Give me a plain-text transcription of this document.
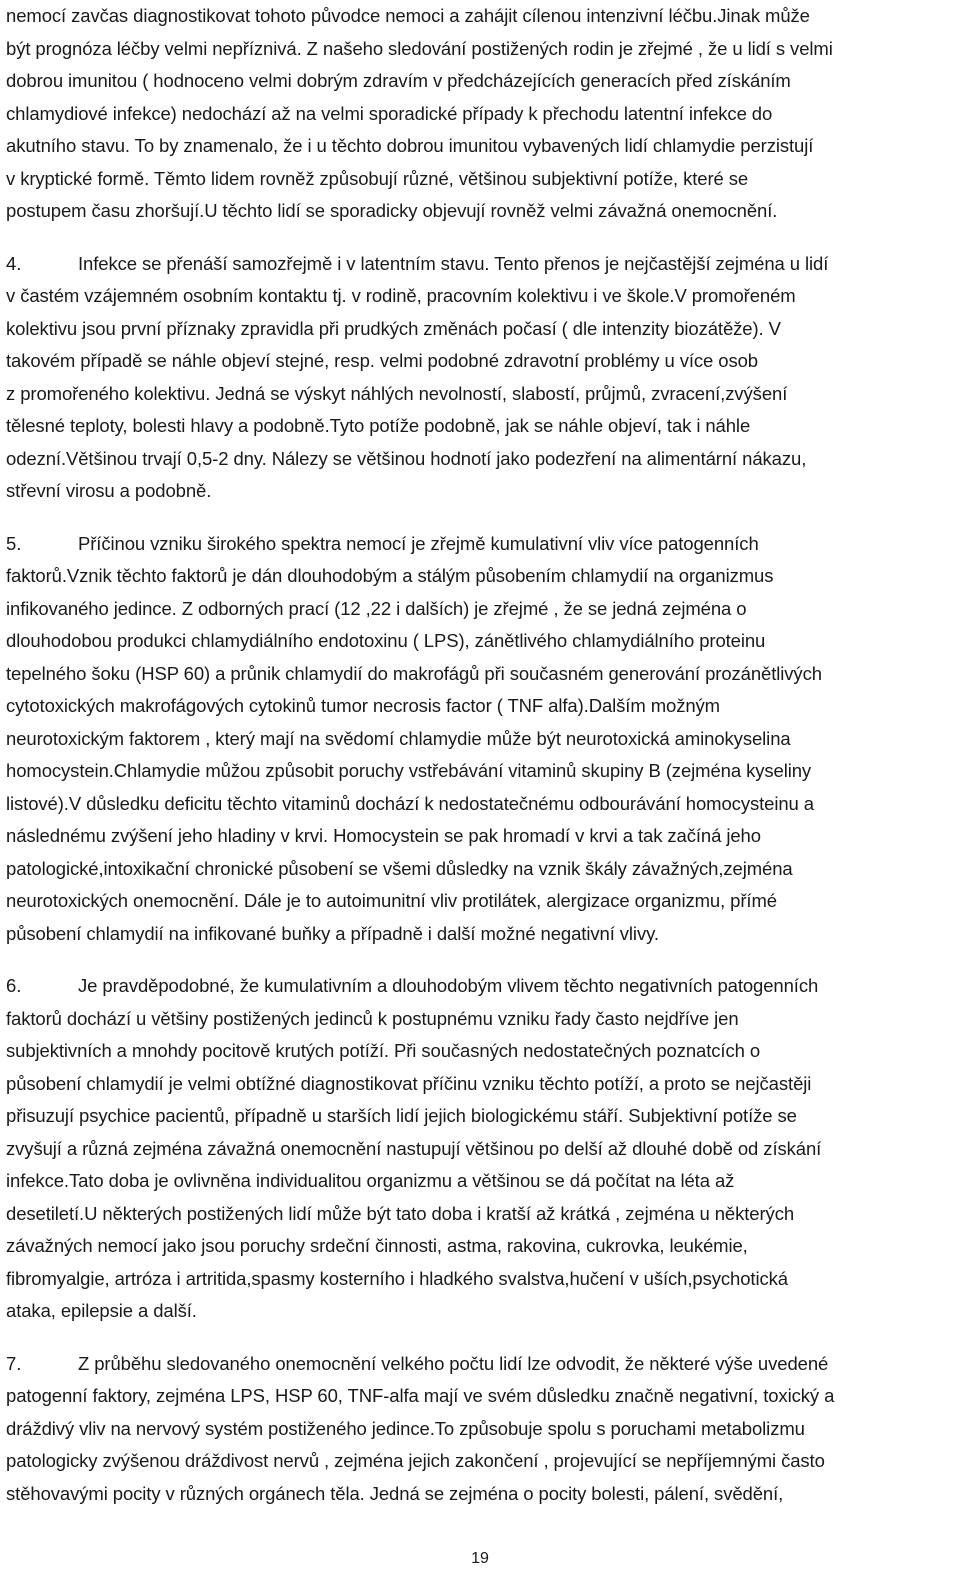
nemocí zavčas diagnostikovat tohoto původce nemoci a zahájit cílenou intenzivní léčbu.Jinak může
být prognóza léčby velmi nepříznivá. Z našeho sledování postižených rodin je zřejmé , že u lidí s velmi
dobrou imunitou ( hodnoceno velmi dobrým zdravím v předcházejících generacích před získáním
chlamydiové infekce) nedochází až na velmi sporadické případy k přechodu latentní infekce do
akutního stavu. To by znamenalo, že i u těchto dobrou imunitou vybavených lidí chlamydie perzistují
v kryptické formě. Těmto lidem rovněž způsobují různé, většinou subjektivní potíže, které se
postupem času zhoršují.U těchto lidí se sporadicky objevují rovněž velmi závažná onemocnění.
4.	Infekce se přenáší samozřejmě i v latentním stavu. Tento přenos je nejčastější zejména u lidí
v častém vzájemném osobním kontaktu tj. v rodině, pracovním kolektivu i ve škole.V promořeném
kolektivu jsou první příznaky zpravidla při prudkých změnách počasí ( dle intenzity biozátěže). V
takovém případě se náhle objeví stejné, resp. velmi podobné zdravotní problémy u více osob
z promořeného kolektivu. Jedná se výskyt náhlých nevolností, slabostí, průjmů, zvracení,zvýšení
tělesné teploty, bolesti hlavy a podobně.Tyto potíže podobně, jak se náhle objeví, tak i náhle
odezní.Většinou trvají 0,5-2 dny. Nálezy se většinou hodnotí jako podezření na alimentární nákazu,
střevní virosu a podobně.
5.	Příčinou vzniku širokého spektra nemocí je zřejmě kumulativní vliv více patogenních
faktorů.Vznik těchto faktorů je dán dlouhodobým a stálým působením chlamydií na organizmus
infikovaného jedince. Z odborných prací (12 ,22 i dalších) je zřejmé , že se jedná zejména o
dlouhodobou produkci chlamydiálního endotoxinu ( LPS), zánětlivého chlamydiálního proteinu
tepelného šoku (HSP 60) a průnik chlamydií do makrofágů při současném generování prozánětlivých
cytotoxických makrofágových cytokinů tumor necrosis factor ( TNF alfa).Dalším možným
neurotoxickým faktorem , který mají na svědomí chlamydie může být neurotoxická aminokyselina
homocystein.Chlamydie můžou způsobit poruchy vstřebávání vitaminů skupiny B (zejména kyseliny
listové).V důsledku deficitu těchto vitaminů dochází k nedostatečnému odbourávání homocysteinu a
následnému zvýšení jeho hladiny v krvi. Homocystein se pak hromadí v krvi a tak začíná jeho
patologické,intoxikační chronické působení se všemi důsledky na vznik škály závažných,zejména
neurotoxických onemocnění. Dále je to autoimunitní vliv protilátek, alergizace organizmu, přímé
působení chlamydií na infikované buňky a případně i další možné negativní vlivy.
6.	Je pravděpodobné, že kumulativním a dlouhodobým vlivem těchto negativních patogenních
faktorů dochází u většiny postižených jedinců k postupnému vzniku řady často nejdříve jen
subjektivních a mnohdy pocitově krutých potíží. Při současných nedostatečných poznatcích o
působení chlamydií je velmi obtížné diagnostikovat příčinu vzniku těchto potíží, a proto se nejčastěji
přisuzují psychice pacientů, případně u starších lidí jejich biologickému stáří. Subjektivní potíže se
zvyšují a různá zejména závažná onemocnění nastupují většinou po delší až dlouhé době od získání
infekce.Tato doba je ovlivněna individualitou organizmu a většinou se dá počítat na léta až
desetiletí.U některých postižených lidí může být tato doba i kratší až krátká , zejména u některých
závažných nemocí jako jsou poruchy srdeční činnosti, astma, rakovina, cukrovka, leukémie,
fibromyalgie, artróza i artritida,spasmy kosterního i hladkého svalstva,hučení v uších,psychotická
ataka, epilepsie a další.
7.	Z průběhu sledovaného onemocnění velkého počtu lidí lze odvodit, že některé výše uvedené
patogenní faktory, zejména LPS, HSP 60, TNF-alfa mají ve svém důsledku značně negativní, toxický a
dráždivý vliv na nervový systém postiženého jedince.To způsobuje spolu s poruchami metabolizmu
patologicky zvýšenou dráždivost nervů , zejména jejich zakončení , projevující se nepříjemnými často
stěhovavými pocity v různých orgánech těla. Jedná se zejména o pocity bolesti, pálení, svědění,
19
